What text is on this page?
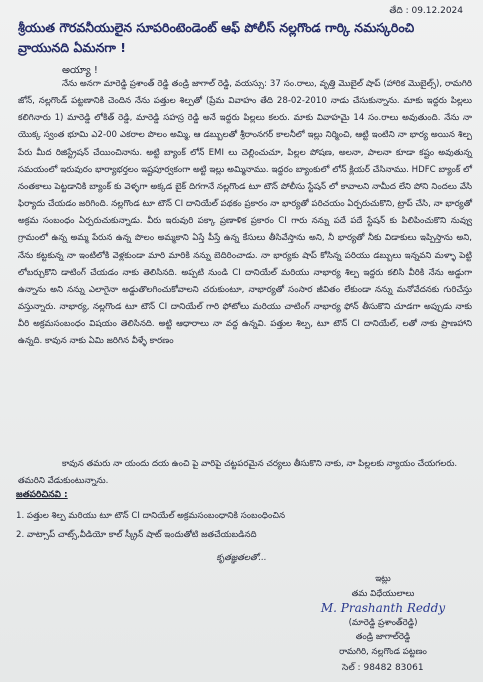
తేది : 09.12.2024
శ్రీయుత గౌరవనీయులైన సూపరింటెండెంట్ ఆఫ్ పోలీస్ నల్లగొండ గార్కి నమస్కరించి వ్రాయునది ఏమనగా !
అయ్యా !

నేను అనగా మారెడ్డి ప్రశాంత్ రెడ్డి తండ్రి జాగాల్ రెడ్డి, వయస్సు: 37 సం.రాలు, వృత్తి మొబైల్ షాప్ (హారిక మొబైల్స్), రామగిరి జోన్, నల్లగొండ్ పట్టణానికి చెందిన నేను పత్తుల శిల్పతో (ప్రేమ వివాహం తేది 28-02-2010 నాడు చేసుకున్నాను. మాకు ఇద్దరు పిల్లలు కలిగినారు 1) మారెడ్డి లోకిత్ రెడ్డి, మారెడ్డి సహస్ర రెడ్డి అనే ఇద్దరు పిల్లలు కలరు. మాకు వివాహమై 14 సం.రాలు అవుతుంది. నేను నా యొక్క స్వంత భూమి ఎ2-00 ఎకరాల పొలం అమ్మి, ఆ డబ్బులతో శ్రీరాంనగర్ కాలనీలో ఇల్లు నిర్మించి, ఆట్టి ఇంటిని నా భార్య అయిన శిల్ప పేరు మీద రిజిస్ట్రేషన్ చేయించినాను. అట్టి బ్యాంక్ లోన్ EMI లు చెల్లించుచూ, పిల్లల పోషణ, అలనా, పాలనా కూడా కష్టం అవుతున్న సమయంలో ఇరువురం భార్యాభర్తలం ఇష్టపూర్వకంగా అట్టి ఇల్లు అమ్మినాము. ఇద్దరం బ్యాంకులో లోన్ క్లియర్ చేసినాము. HDFC బ్యాంక్ లో నంతకాలు పెట్టడానికి బ్యాంక్ కు వెళ్ళగా అక్కడ బైక్ దిగగానే నల్లగొండ టూ టౌన్ పోలీసు స్టేషన్ లో కావాలని నామీద లేని పోని నిందలు వేసి ఫిర్యాదు చేయడం జరిగింది. నల్లగొండ టూ టౌన్ CI దానియేల్ పథకం ప్రకారం నా భార్యతో పరిచయం ఏర్పరుచుకొని, ట్రాప్ చేసి, నా భార్యతో అక్రమ సంబంధం ఏర్పరుచుకున్నాడు. వీరు ఇరువురి పక్కా ప్రణాళిక ప్రకారం CI గారు నన్ను పదే పదే స్టేషన్ కు పిలిపించుకొని నువ్వు గ్రామంలో ఉన్న అమ్మ పేరున ఉన్న పొలం అమ్మకాని ఏస్తే పీస్తే ఉన్న కేసులు తీసివేస్తాను అని, నీ భార్యతో నీకు విడాకులు ఇప్పిస్తాను అని, నేను కట్టకున్న నా ఇంటిలోకి వెళ్లకుండా మారి మారికి నన్ను బెదిరించాడు. నా భార్యకు షాప్ కోసిన్న పరియు డబ్బులు ఇన్నవని మళ్ళా పెట్టి లోబర్చుకొని డాటింగ్ చేయడం నాకు తెలిసినది. అప్పటి నుండి CI దానియేల్ మరియు నాభార్య శిల్ప ఇద్దరు కలిసి వీరికి నేను అడ్డుగా ఉన్నాను అని నన్ను ఎలాగైనా అడ్డుతొలగించుకోవాలని చరుకుంటూ, నాభార్యతో సంసార జీవితం లేకుండా నన్ను మనోవేదనకు గురిచేస్తు వస్తున్నారు. నాభార్య, నల్లగొండ టూ టౌన్ CI దానియేల్ గారి ఫోటోలు మరియు చాటింగ్ నాభార్య ఫోన్ తీసుకొని చూడగా అప్పుడు నాకు వీరి అక్రమసంబంధం విషయం తెలిసినది. అట్టి ఆధారాలు నా వద్ద ఉన్నవి. పత్తుల శిల్ప, టూ టౌన్ CI దానియేల్, లతో నాకు ప్రాణహాని ఉన్నది. కావున నాకు ఏమి జరిగిన వీళ్ళే కారణం

కావున తమరు నా యందు దయ ఉంచి పై వారిపై చట్టపరమైన చర్యలు తీసుకొని నాకు, నా పిల్లలకు న్యాయం చేయగలరు. తమరిని వేడుకుంటున్నాను.
జతపరిచినవి :
1. పత్తుల శిల్ప మరియు టూ టౌన్ CI దానియేల్ అక్రమసంబంధానికి సంబంధించిన
2. వాట్సాప్ చాట్స్,వీడియో కాల్ స్క్రీన్ షాట్ ఇందుతోటి జతచేయబడినది
కృతజ్ఞతలతో...
ఇట్లు
తమ విధేయులాలు
M. Prashanth Reddy
(మారెడ్డి ప్రశాంత్‌రెడ్డి)
తండ్రి జాగాల్‌రెడ్డి
రామగిరి, నల్లగొండ పట్టణం
సెల్ : 98482 83061
